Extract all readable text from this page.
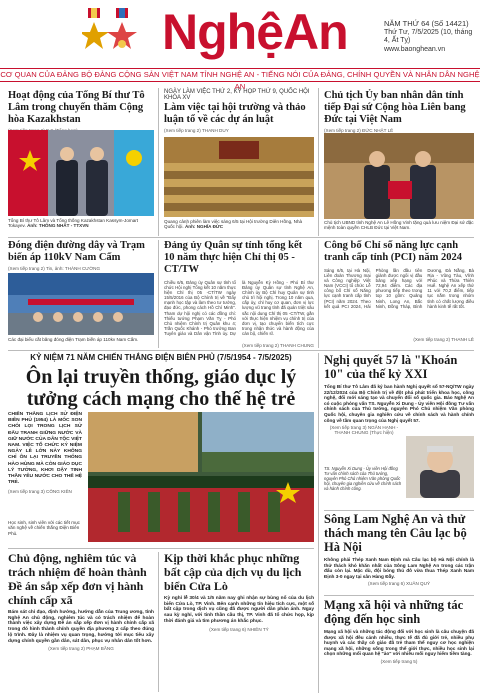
NghệAn	NĂM THỨ 64 (Số 14421)
Thứ Tư, 7/5/2025 (10, tháng 4, Ất Tỵ)
www.baonghean.vn
CƠ QUAN CỦA ĐẢNG BỘ ĐẢNG CỘNG SẢN VIỆT NAM TỈNH NGHỆ AN - TIẾNG NÓI CỦA ĐẢNG, CHÍNH QUYỀN VÀ NHÂN DÂN NGHỆ AN
Hoạt động của Tổng Bí thư Tô Lâm trong chuyến thăm Cộng hòa Kazakhstan
Tổng Bí thư Tô Lâm và Tổng thống Kazakhstan Kassym-Jomart Tokayev. Ảnh: THỐNG NHẤT - TTXVN
NGÀY LÀM VIỆC THỨ 2, KỲ HỌP THỨ 9, QUỐC HỘI KHÓA XV
Làm việc tại hội trường và thảo luận tổ về các dự án luật
(Xem tiếp trang 2) THANH DUY
Quang cảnh phiên làm việc sáng 6/5 tại Hội trường Diên Hồng, Nhà Quốc hội. Ảnh: NGHĨA ĐỨC
Chủ tịch Ủy ban nhân dân tỉnh tiếp Đại sứ Cộng hòa Liên bang Đức tại Việt Nam
(Xem tiếp trang 2) ĐỨC NHẬT LÊ
Chủ tịch UBND tỉnh Nghệ An Lê Hồng Vinh tặng quà lưu niệm Đại sứ đặc mệnh toàn quyền CHLB Đức tại Việt Nam.
Đóng điện đường dây và Trạm biến áp 110kV Nam Cấm
(Xem tiếp trang 2) Tin, ảnh: THÀNH CƯỜNG
Các đại biểu cắt băng đóng điện Trạm biến áp 110kv Nam Cấm.
Đảng ủy Quân sự tỉnh tổng kết 10 năm thực hiện Chỉ thị 05 -CT/TW
Chiều 6/5, Đảng ủy Quân sự tỉnh tổ chức Hội nghị Tổng kết 10 năm thực hiện Chỉ thị 05 -CT/TW ngày 15/5/2016 của Bộ Chính trị về "Đẩy mạnh học tập và làm theo tư tưởng, đạo đức, phong cách Hồ Chí Minh". Tham dự hội nghị có các đồng chí: Thiếu tướng Phạm Văn Tỵ - Phó Chủ nhiệm Chính trị Quân khu 4; Trần Quốc Khánh - Phó trưởng Ban Tuyên giáo và Dân vận Tỉnh ủy. Dự là Nguyễn Kỳ Hồng - Phó Bí thư Đảng ủy Quân sự tỉnh Nghệ An, Chính ủy Bộ Chỉ huy Quân sự tỉnh chủ trì hội nghị. Trong 10 năm qua, cấp ủy, chỉ huy cơ quan, đơn vị lực lượng vũ trang tỉnh đã quán triệt sâu sắc nội dung Chỉ thị 05 -CT/TW, gắn với thực hiện nhiệm vụ chính trị của đơn vị, tạo chuyển biến tích cực trong nhận thức và hành động của cán bộ, chiến sĩ.
(Xem tiếp trang 2) THANH CHUNG
Công bố Chỉ số năng lực cạnh tranh cấp tỉnh (PCI) năm 2024
Sáng 6/5, tại Hà Nội, Liên đoàn Thương mại và Công nghiệp Việt Nam (VCCI) tổ chức Lễ công bố Chỉ số Năng lực cạnh tranh cấp tỉnh (PCI) năm 2024. Theo kết quả PCI 2024, Hải Phòng lần đầu tiên giành được ngôi vị đầu bảng xếp hạng với 72,94 điểm. Các địa phương tiếp theo trong top 10 gồm: Quảng Ninh, Long An, Bắc Ninh, Đồng Tháp, Bình Dương, Đà Nẵng, Bà Rịa - Vũng Tàu, Vĩnh Phúc và Thừa Thiên Huế. Nghệ An xếp thứ 11 với 70,2 điểm, tiếp tục nằm trong nhóm tỉnh có chất lượng điều hành kinh tế rất tốt.
(Xem tiếp trang 2) THANH LÊ
KỶ NIỆM 71 NĂM CHIẾN THẮNG ĐIỆN BIÊN PHỦ (7/5/1954 - 7/5/2025)
Ôn lại truyền thống, giáo dục lý tưởng cách mạng cho thế hệ trẻ
CHIẾN THẮNG LỊCH SỬ ĐIỆN BIÊN PHỦ (1954) LÀ MỐC SON CHÓI LỌI TRONG LỊCH SỬ ĐẤU TRANH GIỮNG NƯỚC VÀ GIỮ NƯỚC CỦA DÂN TỘC VIỆT NAM. VIỆC TỔ CHỨC KỶ NIỆM NGÀY LỄ LỚN NÀY KHÔNG CHỈ ÔN LẠI TRUYỀN THỐNG HÀO HÙNG MÀ CÒN GIÁO DỤC LÝ TƯỞNG, KHƠI DẬY TINH THẦN YÊU NƯỚC CHO THẾ HỆ TRẺ.
(Xem tiếp trang 3) CÔNG KIÊN
Học sinh, sinh viên với các tiết mục văn nghệ về chiến thắng Điện Biên Phủ.
Nghị quyết 57 là "Khoán 10" của thế kỷ XXI
Tổng Bí thư Tô Lâm đã ký ban hành Nghị quyết số 57-NQ/TW ngày 22/12/2024 của Bộ Chính trị về đột phá phát triển khoa học, công nghệ, đổi mới sáng tạo và chuyển đổi số quốc gia. Báo Nghệ An có cuộc phỏng vấn TS. Nguyễn Xi Dung - Ủy viên Hội đồng Tư vấn chính sách của Thủ tướng, nguyên Phó Chủ nhiệm Văn phòng Quốc hội, chuyên gia nghiên cứu về chính sách và hành chính công về tầm quan trọng của Nghị quyết 57.
(Xem tiếp trang 3) NGÂN HẠNH - THANH CHUNG (Thực hiện)
TS. Nguyễn Xi Dung - Ủy viên Hội đồng Tư vấn chính sách của Thủ tướng, nguyên Phó Chủ nhiệm Văn phòng Quốc hội, chuyên gia nghiên cứu về chính sách và hành chính công.
Sông Lam Nghệ An và thử thách mang tên Câu lạc bộ Hà Nội
Không phải Thép Xanh Nam Định mà Câu lạc bộ Hà Nội chính là thử thách khó khăn nhất của Sông Lam Nghệ An trong các trận đấu còn lại. Mặc dù, đội bóng thủ đô vừa thua Thép Xanh Nam Định 3-0 ngay tại sân Hàng Đẫy.
(Xem tiếp trang 6) XUÂN QUÝ
Mạng xã hội và những tác động đến học sinh
Mạng xã hội và những tác động đối với học sinh là câu chuyện đã được xã hội đều cảnh nhiều, thực tế đã đủ giới trẻ, nhiều phụ huynh và các thầy cô giáo đã trẻ tham thế nguy cơ học nghiện mạng xã hội, những sống trong thế giới thực, nhiều học sinh lại chọn những mối quan hệ "ảo" với nhiều mối nguy hiểm tiềm tàng.
(Xem tiếp trang 5)
Chủ động, nghiêm túc và trách nhiệm để hoàn thành Đề án sắp xếp đơn vị hành chính cấp xã
Bám sát chỉ đạo, định hướng, hướng dẫn của Trung ương, tỉnh Nghệ An chủ động, nghiêm túc và có trách nhiệm để hoàn thành việc xây dựng Đề án sắp xếp đơn vị hành chính cấp xã trong đó hình thành chính quyền địa phương 2 cấp theo đúng lộ trình. Đây là nhiệm vụ quan trọng, hướng tới mục tiêu xây dựng chính quyền gần dân, sát dân, phục vụ nhân dân tốt hơn.
(Xem tiếp trang 2) PHẠM BẰNG
Kịp thời khắc phục những bất cập của dịch vụ du lịch biển Cửa Lò
Kỳ nghỉ lễ 30/4 và 1/5 năm nay ghi nhận sự bùng nổ của du lịch biển Cửa Lò, TP. Vinh. Bên cạnh những tín hiệu tích cực, một số bất cập trong dịch vụ cũng đã được người dân phản ánh. Ngay sau kỳ nghỉ, với tinh thần cầu thị, TP. Vinh đã tổ chức họp, kịp thời đánh giá và tìm phương án khắc phục.
(Xem tiếp trang 6) NHIÊN TÝ
